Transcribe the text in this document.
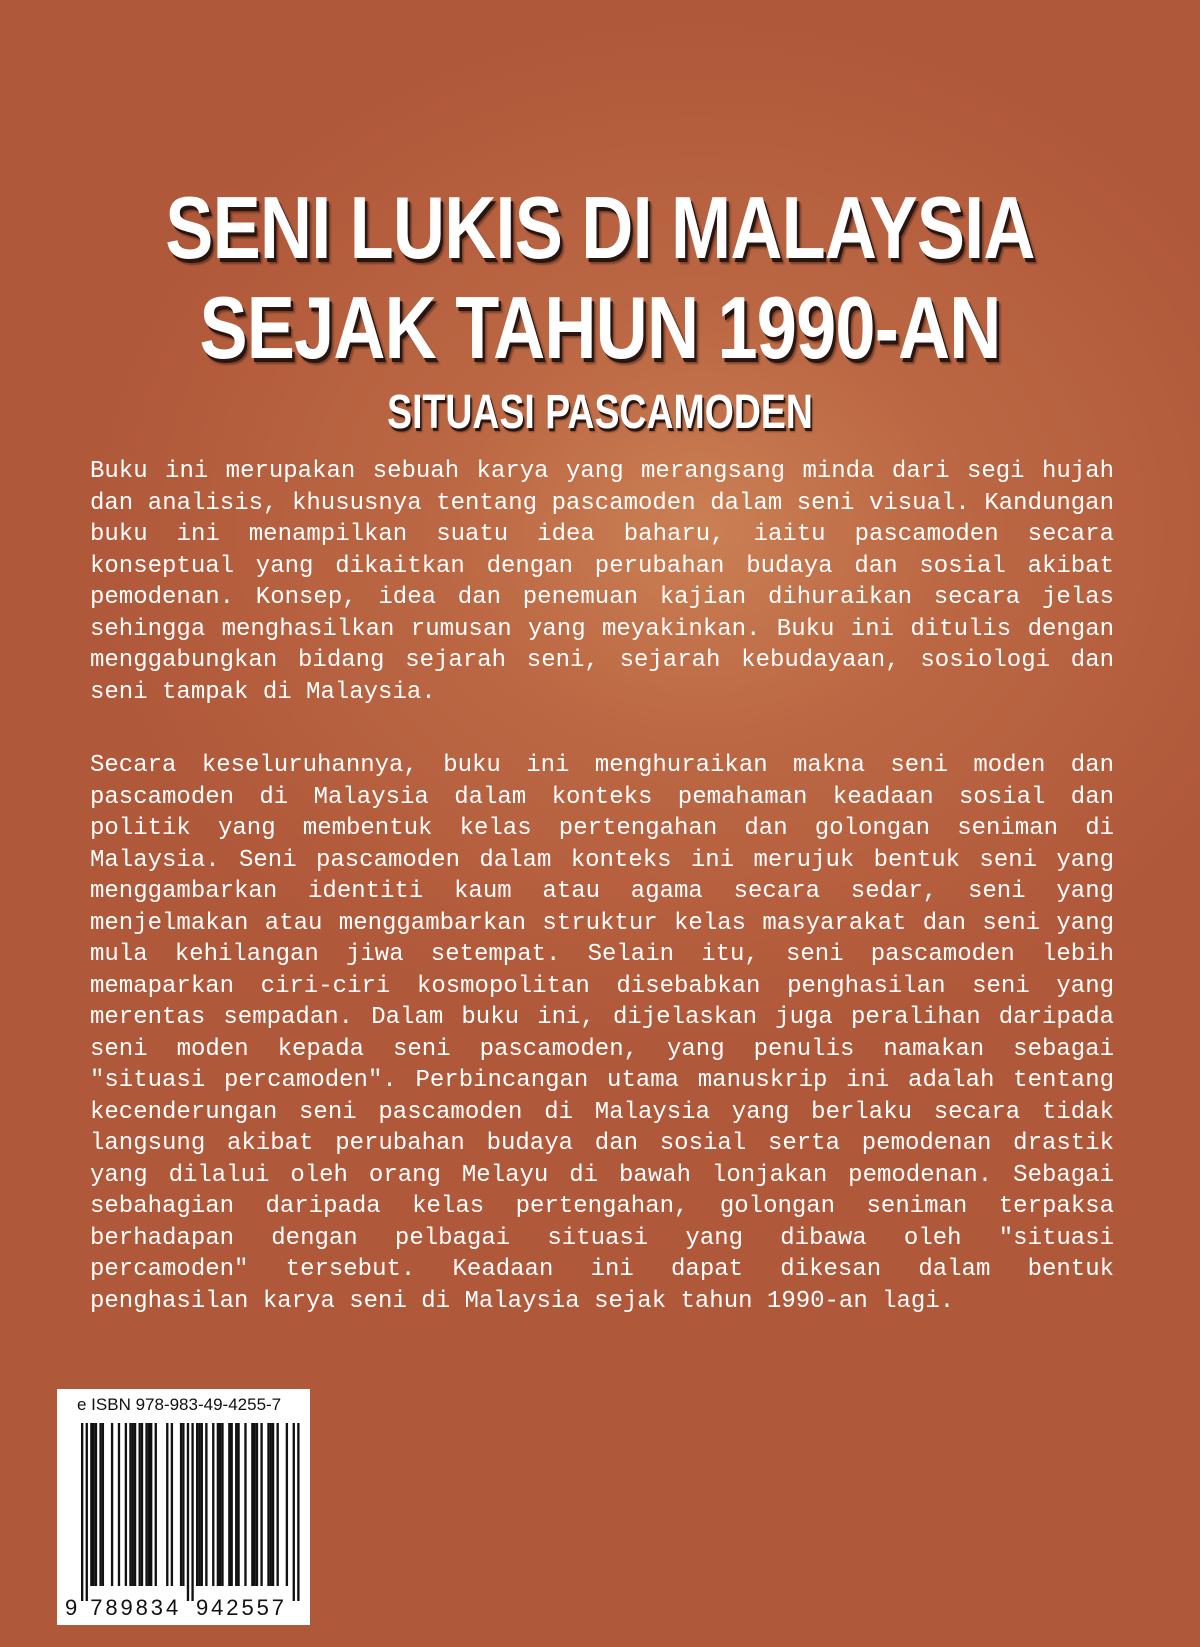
SENI LUKIS DI MALAYSIA
SEJAK TAHUN 1990-AN
SITUASI PASCAMODEN

Buku ini merupakan sebuah karya yang merangsang minda dari segi hujah dan analisis, khususnya tentang pascamoden dalam seni visual. Kandungan buku ini menampilkan suatu idea baharu, iaitu pascamoden secara konseptual yang dikaitkan dengan perubahan budaya dan sosial akibat pemodenan. Konsep, idea dan penemuan kajian dihuraikan secara jelas sehingga menghasilkan rumusan yang meyakinkan. Buku ini ditulis dengan menggabungkan bidang sejarah seni, sejarah kebudayaan, sosiologi dan seni tampak di Malaysia.

Secara keseluruhannya, buku ini menghuraikan makna seni moden dan pascamoden di Malaysia dalam konteks pemahaman keadaan sosial dan politik yang membentuk kelas pertengahan dan golongan seniman di Malaysia. Seni pascamoden dalam konteks ini merujuk bentuk seni yang menggambarkan identiti kaum atau agama secara sedar, seni yang menjelmakan atau menggambarkan struktur kelas masyarakat dan seni yang mula kehilangan jiwa setempat. Selain itu, seni pascamoden lebih memaparkan ciri-ciri kosmopolitan disebabkan penghasilan seni yang merentas sempadan. Dalam buku ini, dijelaskan juga peralihan daripada seni moden kepada seni pascamoden, yang penulis namakan sebagai "situasi percamoden". Perbincangan utama manuskrip ini adalah tentang kecenderungan seni pascamoden di Malaysia yang berlaku secara tidak langsung akibat perubahan budaya dan sosial serta pemodenan drastik yang dilalui oleh orang Melayu di bawah lonjakan pemodenan. Sebagai sebahagian daripada kelas pertengahan, golongan seniman terpaksa berhadapan dengan pelbagai situasi yang dibawa oleh "situasi percamoden" tersebut. Keadaan ini dapat dikesan dalam bentuk penghasilan karya seni di Malaysia sejak tahun 1990-an lagi.

e ISBN 978-983-49-4255-7
9 789834 942557
